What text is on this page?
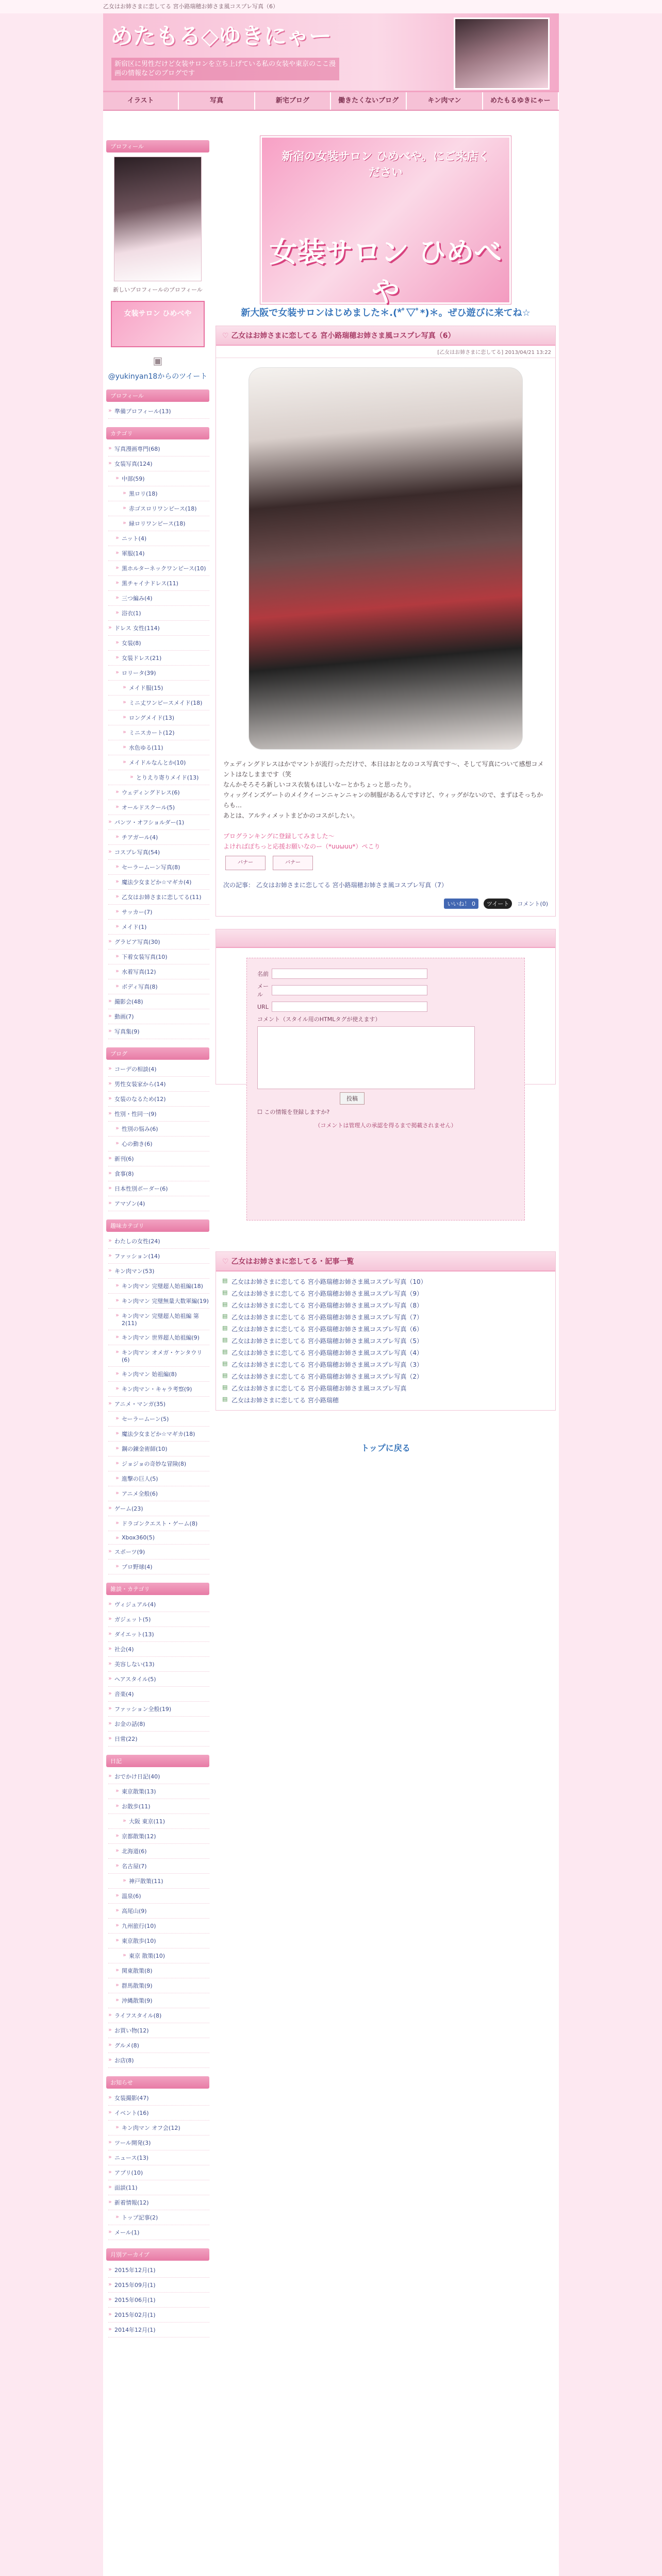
乙女はお姉さまに恋してる 宮小路瑞穂お姉さま風コスプレ写真（6）
めたもる◇ゆきにゃー
新宿区に男性だけど女装サロンを立ち上げている私の女装や東京のここ漫画の情報などのブログです
イラスト	写真	新宅ブログ	働きたくないブログ	キン肉マン	めたもるゆきにゃー
プロフィール
新しいプロフィールのプロフィール
女装サロン ひめべや
▣
@yukinyan18からのツイート
プロフィール
» 準備プロフィール(13)
カテゴリ
» 写真漫画専門(68)
» 女装写真(124)
» 中部(59)
» 黒ロリ(18)
» 赤ゴスロリワンピース(18)
» 緑ロリワンピース(18)
» ニット(4)
» 軍服(14)
» 黒ホルターネックワンピース(10)
» 黒チャイナドレス(11)
» 三つ編み(4)
» 浴衣(1)
» ドレス 女性(114)
» 女装(8)
» 女装ドレス(21)
» ロリータ(39)
» メイド服(15)
» ミニ丈ワンピースメイド(18)
» ロングメイド(13)
» ミニスカート(12)
» 水色ゆる(11)
» メイドルなんとか(10)
» とりえり寄りメイド(13)
» ウェディングドレス(6)
» オールドスクール(5)
» パンツ・オフショルダー(1)
» チアガール(4)
» コスプレ写真(54)
» セーラームーン写真(8)
» 魔法少女まどか☆マギカ(4)
» 乙女はお姉さまに恋してる(11)
» サッカー(7)
» メイド(1)
» グラビア写真(30)
» 下着女装写真(10)
» 水着写真(12)
» ボディ写真(8)
» 撮影会(48)
» 動画(7)
» 写真集(9)
ブログ
» コーデの相談(4)
» 男性女装家から(14)
» 女装のなるため(12)
» 性別・性同一(9)
» 性別の悩み(6)
» 心の動き(6)
» 新刊(6)
» 食事(8)
» 日本性別ボーダー(6)
» アマゾン(4)
趣味カテゴリ
» わたしの女性(24)
» ファッション(14)
» キン肉マン(53)
» キン肉マン 完璧超人始祖編(18)
» キン肉マン 完璧無量大数軍編(19)
» キン肉マン 完璧超人始祖編 第2(11)
» キン肉マン 世界超人始祖編(9)
» キン肉マン オメガ・ケンタウリ(6)
» キン肉マン 始祖編(8)
» キン肉マン・キャラ考察(9)
» アニメ・マンガ(35)
» セーラームーン(5)
» 魔法少女まどか☆マギカ(18)
» 鋼の錬金術師(10)
» ジョジョの奇妙な冒険(8)
» 進撃の巨人(5)
» アニメ全般(6)
» ゲーム(23)
» ドラゴンクエスト・ゲーム(8)
» Xbox360(5)
» スポーツ(9)
» プロ野球(4)
雑談・カテゴリ
» ヴィジュアル(4)
» ガジェット(5)
» ダイエット(13)
» 社会(4)
» 美容しない(13)
» ヘアスタイル(5)
» 音楽(4)
» ファッション全般(19)
» お金の話(8)
» 日常(22)
日記
» おでかけ日記(40)
» 東京散策(13)
» お散歩(11)
» 大阪 東京(11)
» 京都散策(12)
» 北海道(6)
» 名古屋(7)
» 神戸散策(11)
» 温泉(6)
» 高尾山(9)
» 九州旅行(10)
» 東京散歩(10)
» 東京 散策(10)
» 関東散策(8)
» 群馬散策(9)
» 沖縄散策(9)
» ライフスタイル(8)
» お買い物(12)
» グルメ(8)
» お店(8)
お知らせ
» 女装撮影(47)
» イベント(16)
» キン肉マン オフ会(12)
» ツール開発(3)
» ニュース(13)
» アプリ(10)
» 面談(11)
» 新着情報(12)
» トップ記事(2)
» メール(1)
月別アーカイブ
» 2015年12月(1)
» 2015年09月(1)
» 2015年06月(1)
» 2015年02月(1)
» 2014年12月(1)
新宿の女装サロン ひめべや。にご来店ください
女装サロン ひめべや
新大阪で女装サロンはじめました＊.(*ﾟ▽ﾟ*)＊。ぜひ遊びに来てね☆
♡ 乙女はお姉さまに恋してる 宮小路瑞穂お姉さま風コスプレ写真（6）
[乙女はお姉さまに恋してる] 2013/04/21 13:22
ウェディングドレスはかでマントが流行っただけで、本日はおとなのコス写真です～、そして写真について感想コメントはなしままです（笑
なんかそろそろ新しいコス衣装もほしいなーとかちょっと思ったり。
ウィッグインズゲートのメイクイーンニャンニャンの制服があるんですけど、ウィッグがないので、まずはそっちからも…
あとは、アルティメットまどかのコスがしたい。

ブログランキングに登録してみました～
よければぽちっと応援お願いなのー（*uuωuu*）ペこり
バナー	バナー
次の記事： 乙女はお姉さまに恋してる 宮小路瑞穂お姉さま風コスプレ写真（7）
いいね！ 0	ツイート	コメント(0)
名前
メール
URL
コメント（スタイル用のHTMLタグが使えます）
投稿
☐
この情報を登録しますか?
（コメントは管理人の承認を得るまで掲載されません）
♡ 乙女はお姉さまに恋してる・記事一覧
▤ 乙女はお姉さまに恋してる 宮小路瑞穂お姉さま風コスプレ写真（10）
▤ 乙女はお姉さまに恋してる 宮小路瑞穂お姉さま風コスプレ写真（9）
▤ 乙女はお姉さまに恋してる 宮小路瑞穂お姉さま風コスプレ写真（8）
▤ 乙女はお姉さまに恋してる 宮小路瑞穂お姉さま風コスプレ写真（7）
▤ 乙女はお姉さまに恋してる 宮小路瑞穂お姉さま風コスプレ写真（6）
▤ 乙女はお姉さまに恋してる 宮小路瑞穂お姉さま風コスプレ写真（5）
▤ 乙女はお姉さまに恋してる 宮小路瑞穂お姉さま風コスプレ写真（4）
▤ 乙女はお姉さまに恋してる 宮小路瑞穂お姉さま風コスプレ写真（3）
▤ 乙女はお姉さまに恋してる 宮小路瑞穂お姉さま風コスプレ写真（2）
▤ 乙女はお姉さまに恋してる 宮小路瑞穂お姉さま風コスプレ写真
▤ 乙女はお姉さまに恋してる 宮小路瑞穂
トップに戻る
